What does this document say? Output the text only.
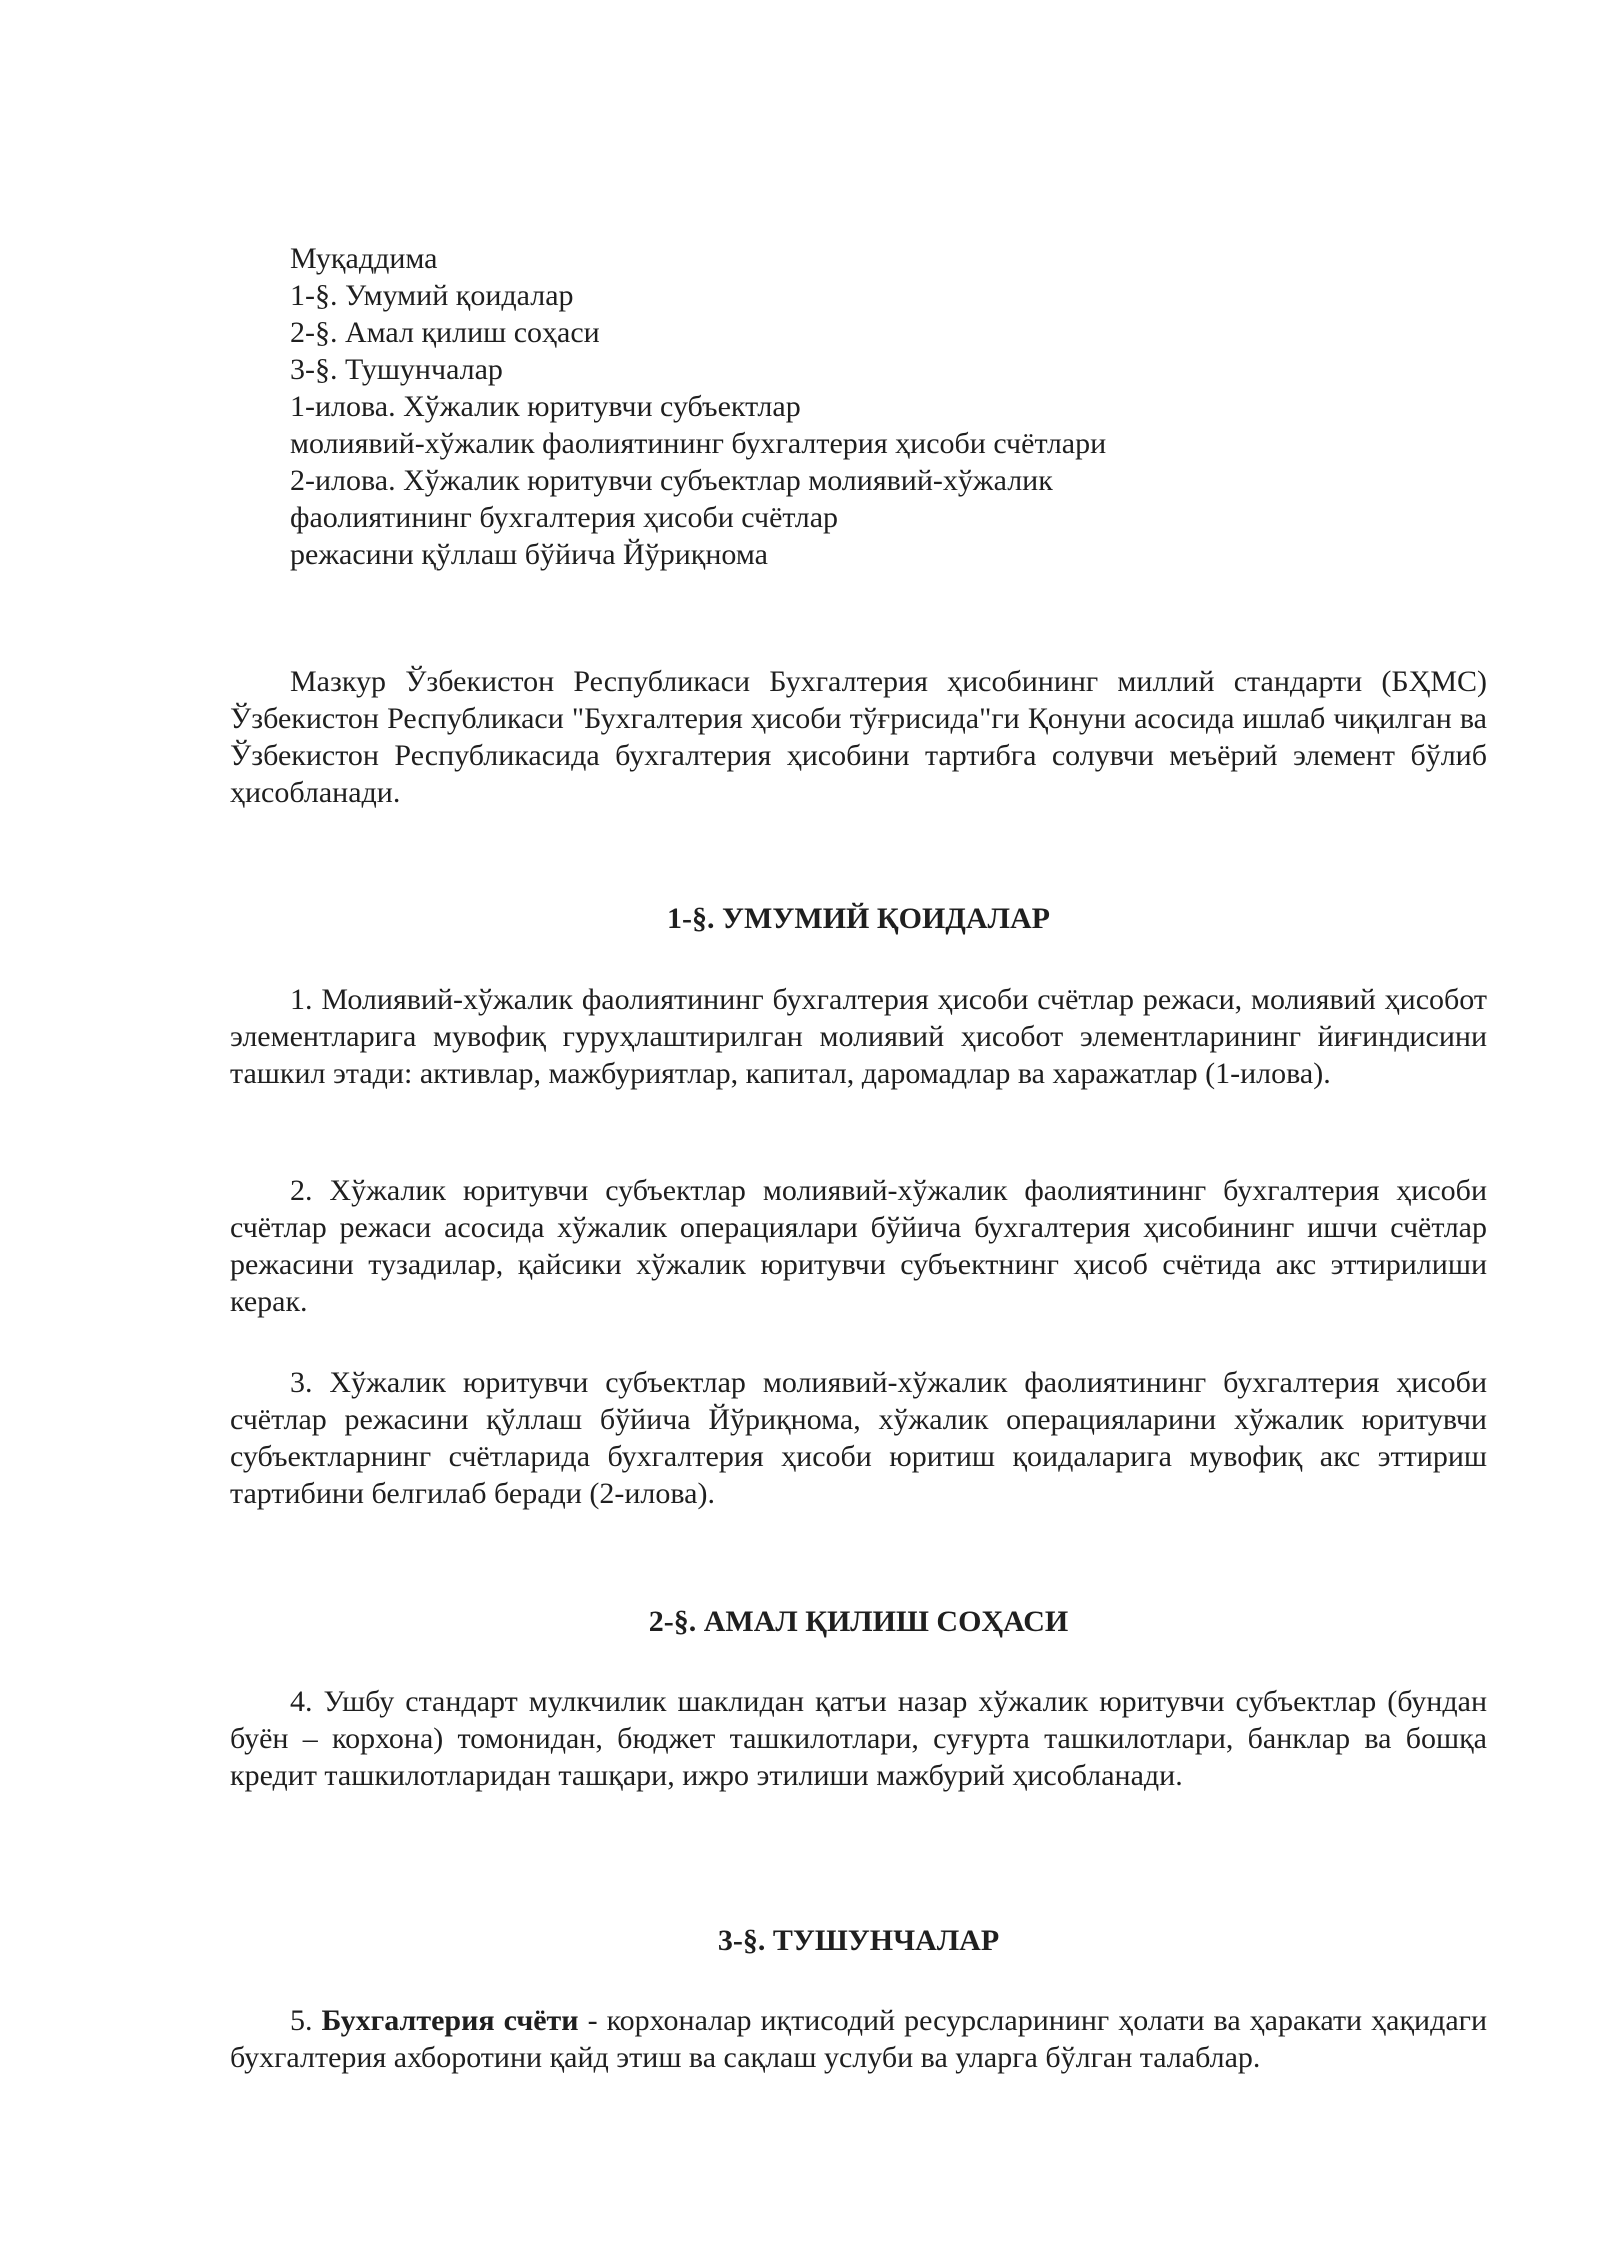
Муқаддима
1-§. Умумий қоидалар
2-§. Амал қилиш соҳаси
3-§. Тушунчалар
1-илова. Хўжалик юритувчи субъектлар
молиявий-хўжалик фаолиятининг бухгалтерия ҳисоби счётлари
2-илова. Хўжалик юритувчи субъектлар молиявий-хўжалик
фаолиятининг бухгалтерия ҳисоби счётлар
режасини қўллаш бўйича Йўриқнома

Мазкур Ўзбекистон Республикаси Бухгалтерия ҳисобининг миллий стандарти (БҲМС) Ўзбекистон Республикаси "Бухгалтерия ҳисоби тўғрисида"ги Қонуни асосида ишлаб чиқилган ва Ўзбекистон Республикасида бухгалтерия ҳисобини тартибга солувчи меъёрий элемент бўлиб ҳисобланади.

1-§. УМУМИЙ ҚОИДАЛАР

1. Молиявий-хўжалик фаолиятининг бухгалтерия ҳисоби счётлар режаси, молиявий ҳисобот элементларига мувофиқ гуруҳлаштирилган молиявий ҳисобот элементларининг йиғиндисини ташкил этади: активлар, мажбуриятлар, капитал, даромадлар ва харажатлар (1-илова).

2. Хўжалик юритувчи субъектлар молиявий-хўжалик фаолиятининг бухгалтерия ҳисоби счётлар режаси асосида хўжалик операциялари бўйича бухгалтерия ҳисобининг ишчи счётлар режасини тузадилар, қайсики хўжалик юритувчи субъектнинг ҳисоб счётида акс эттирилиши керак.

3. Хўжалик юритувчи субъектлар молиявий-хўжалик фаолиятининг бухгалтерия ҳисоби счётлар режасини қўллаш бўйича Йўриқнома, хўжалик операцияларини хўжалик юритувчи субъектларнинг счётларида бухгалтерия ҳисоби юритиш қоидаларига мувофиқ акс эттириш тартибини белгилаб беради (2-илова).

2-§. АМАЛ ҚИЛИШ СОҲАСИ

4. Ушбу стандарт мулкчилик шаклидан қатъи назар хўжалик юритувчи субъектлар (бундан буён – корхона) томонидан, бюджет ташкилотлари, суғурта ташкилотлари, банклар ва бошқа кредит ташкилотларидан ташқари, ижро этилиши мажбурий ҳисобланади.

3-§. ТУШУНЧАЛАР

5. Бухгалтерия счёти - корхоналар иқтисодий ресурсларининг ҳолати ва ҳаракати ҳақидаги бухгалтерия ахборотини қайд этиш ва сақлаш услуби ва уларга бўлган талаблар.
